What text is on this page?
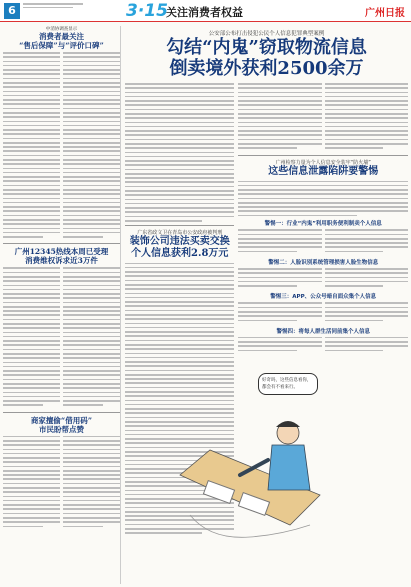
6	3·15
关注消费者权益	广州日报
中消协调查显示
消费者最关注
“售后保障”与“评价口碑”
广州12345热线本周已受理
消费维权诉求近3万件
商家擅偷“借用码”
市民盼帮点赞
公安部公布打击侵犯公民个人信息犯罪典型案例
勾结“内鬼”窃取物流信息
倒卖境外获利2500余万
广东省政文卫在青岛市公安政府被判刑
装饰公司违法买卖交换
个人信息获利2.8万元
广州检察力量为个人信息安全装牢“防火墙”
这些信息泄露陷阱要警惕
警惕一：行业“内鬼”利用职务便利制卖个人信息
警惕二：人脸识别系统管理损害人脸生物信息
警惕三：APP、公众号暗自面众集个人信息
警惕四：将每人群生活同前集个人信息
好奇吗，这些信息看你，都会有不看来行。
